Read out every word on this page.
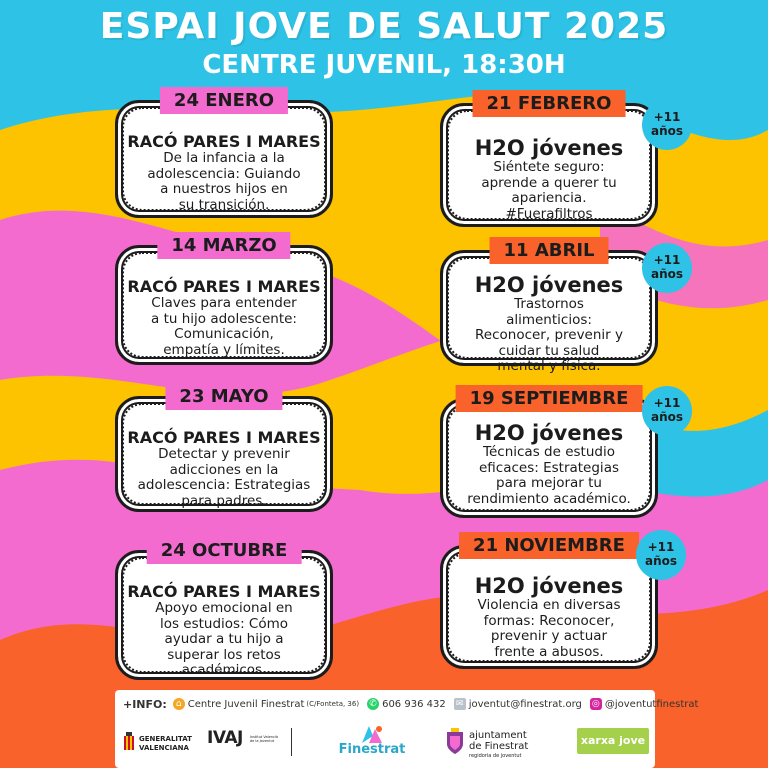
ESPAI JOVE DE SALUT 2025
CENTRE JUVENIL, 18:30H
24 ENERO
RACÓ PARES I MARES
De la infancia a la
adolescencia: Guiando
a nuestros hijos en
su transición.
21 FEBRERO
H2O jóvenes
Siéntete seguro:
aprende a querer tu
apariencia.
#Fuerafiltros
+11
años
14 MARZO
RACÓ PARES I MARES
Claves para entender
a tu hijo adolescente:
Comunicación,
empatía y límites.
11 ABRIL
H2O jóvenes
Trastornos
alimenticios:
Reconocer, prevenir y
cuidar tu salud
mental y física.
+11
años
23 MAYO
RACÓ PARES I MARES
Detectar y prevenir
adicciones en la
adolescencia: Estrategias
para padres.
19 SEPTIEMBRE
H2O jóvenes
Técnicas de estudio
eficaces: Estrategias
para mejorar tu
rendimiento académico.
+11
años
24 OCTUBRE
RACÓ PARES I MARES
Apoyo emocional en
los estudios: Cómo
ayudar a tu hijo a
superar los retos
académicos.
21 NOVIEMBRE
H2O jóvenes
Violencia en diversas
formas: Reconocer,
prevenir y actuar
frente a abusos.
+11
años
+INFO:	⌂ Centre Juvenil Finestrat (C/Fonteta, 36) ✆ 606 936 432 ✉ joventut@finestrat.org ◎ @joventutfinestrat
GENERALITAT
VALENCIANA IVAJ Institut Valencià de la Joventut
Finestrat
ajuntament
de Finestrat
regidoria de joventut
xarxa jove net
